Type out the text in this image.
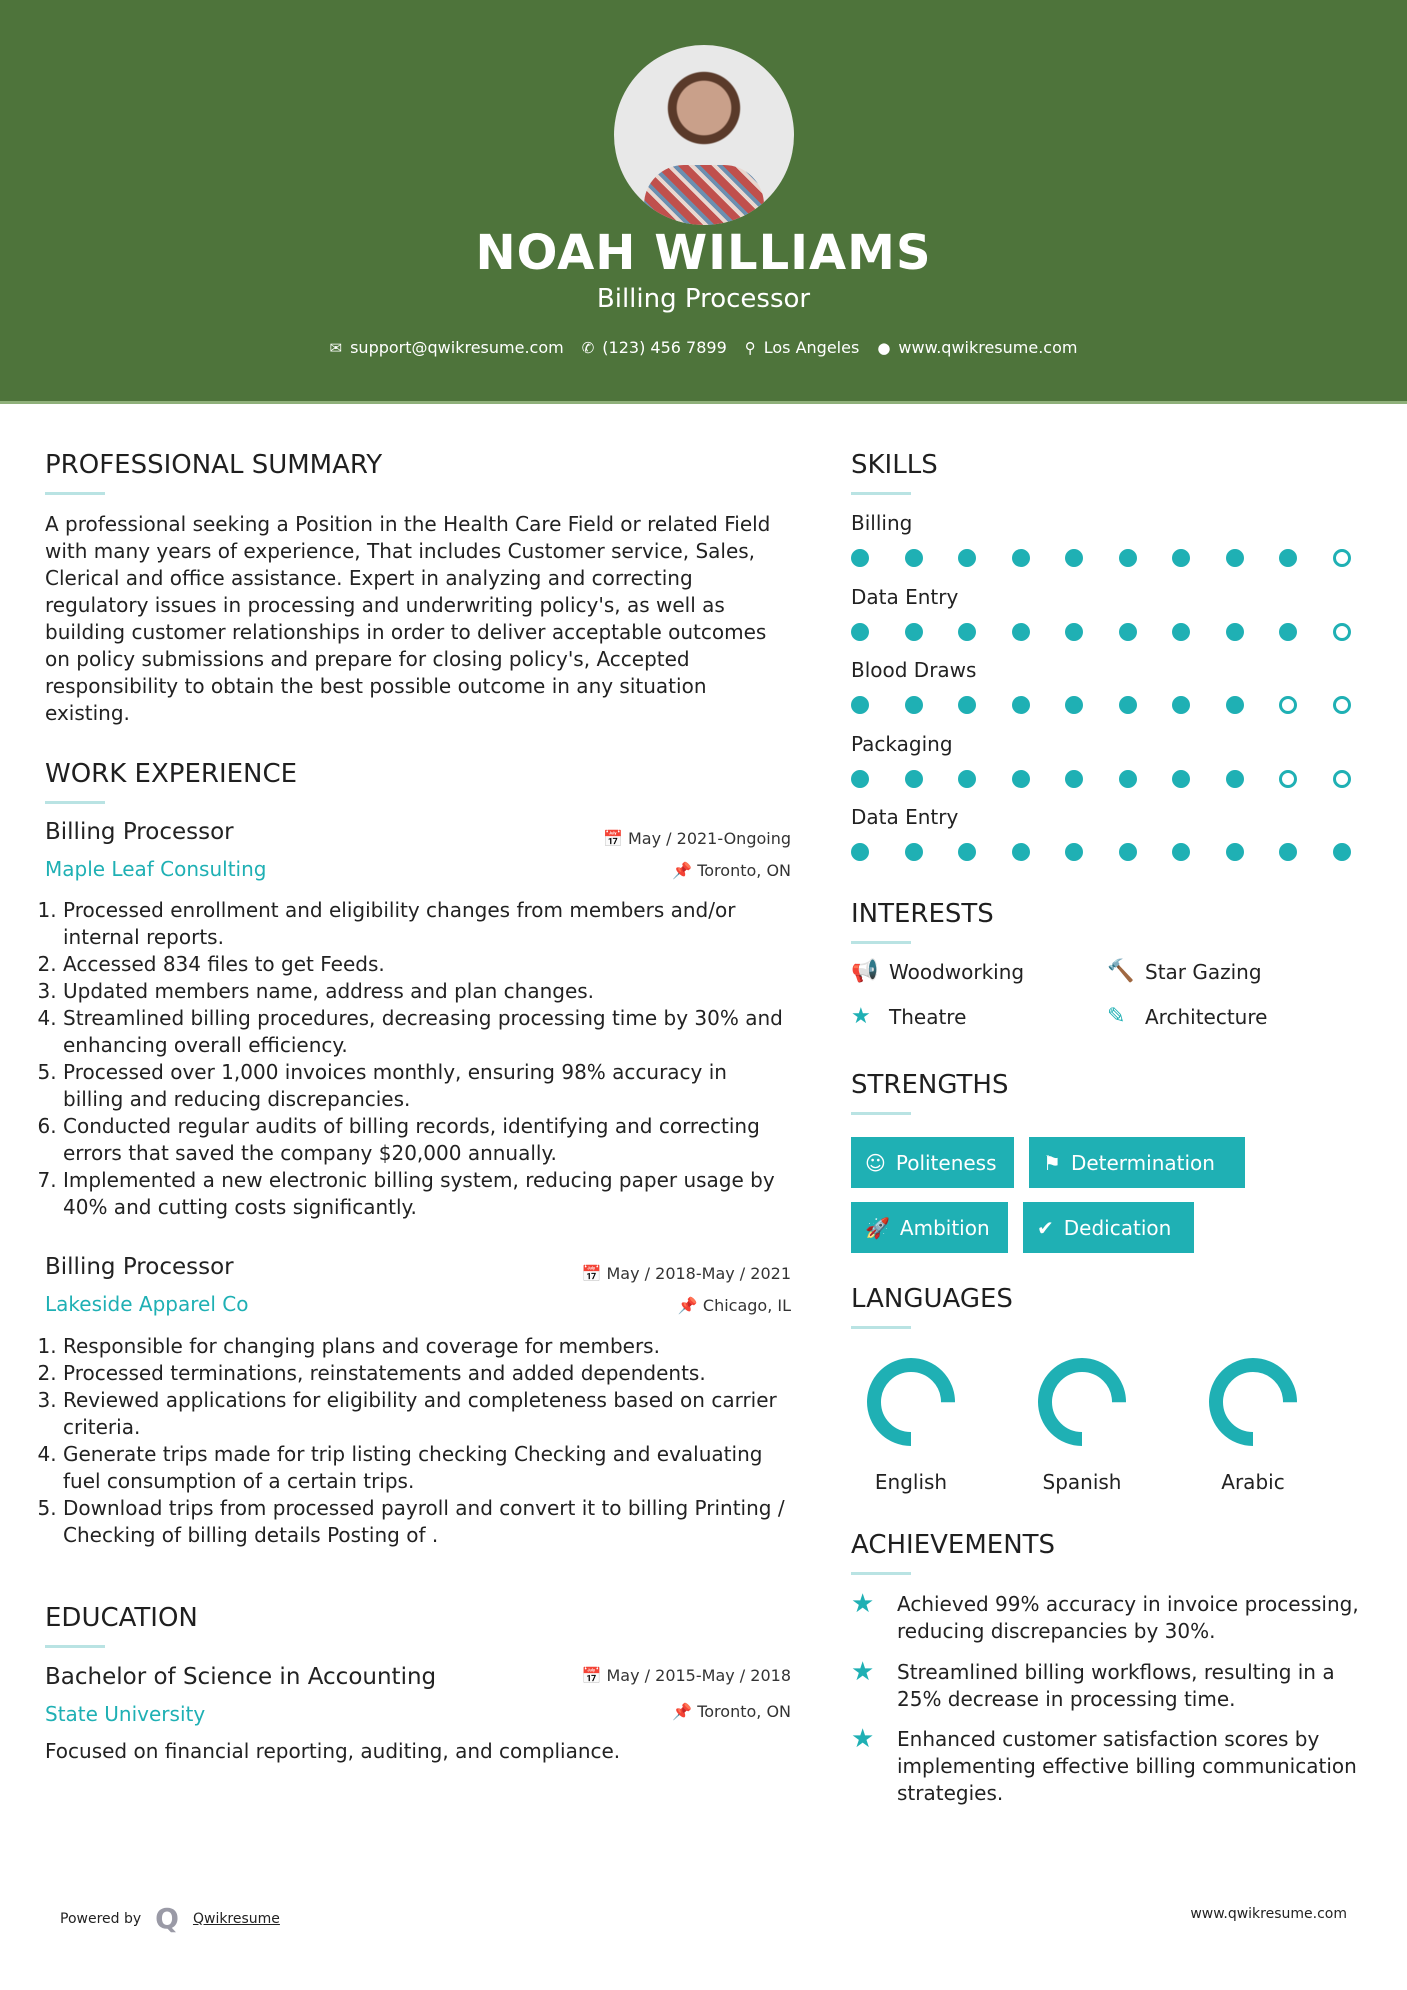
NOAH WILLIAMS
Billing Processor
✉ support@qwikresume.com ✆ (123) 456 7899 ⚲ Los Angeles ● www.qwikresume.com
PROFESSIONAL SUMMARY
A professional seeking a Position in the Health Care Field or related Field with many years of experience, That includes Customer service, Sales, Clerical and office assistance. Expert in analyzing and correcting regulatory issues in processing and underwriting policy's, as well as building customer relationships in order to deliver acceptable outcomes on policy submissions and prepare for closing policy's, Accepted responsibility to obtain the best possible outcome in any situation existing.
WORK EXPERIENCE
Billing Processor	📅 May / 2021-Ongoing
Maple Leaf Consulting	📌 Toronto, ON
1. Processed enrollment and eligibility changes from members and/or internal reports.
2. Accessed 834 files to get Feeds.
3. Updated members name, address and plan changes.
4. Streamlined billing procedures, decreasing processing time by 30% and enhancing overall efficiency.
5. Processed over 1,000 invoices monthly, ensuring 98% accuracy in billing and reducing discrepancies.
6. Conducted regular audits of billing records, identifying and correcting errors that saved the company $20,000 annually.
7. Implemented a new electronic billing system, reducing paper usage by 40% and cutting costs significantly.
Billing Processor	📅 May / 2018-May / 2021
Lakeside Apparel Co	📌 Chicago, IL
1. Responsible for changing plans and coverage for members.
2. Processed terminations, reinstatements and added dependents.
3. Reviewed applications for eligibility and completeness based on carrier criteria.
4. Generate trips made for trip listing checking Checking and evaluating fuel consumption of a certain trips.
5. Download trips from processed payroll and convert it to billing Printing / Checking of billing details Posting of .
EDUCATION
Bachelor of Science in Accounting	📅 May / 2015-May / 2018
State University	📌 Toronto, ON
Focused on financial reporting, auditing, and compliance.
SKILLS
Billing
Data Entry
Blood Draws
Packaging
Data Entry
INTERESTS
📢 Woodworking	🔨 Star Gazing
★ Theatre	✎ Architecture
STRENGTHS
☺ Politeness ⚑ Determination
🚀 Ambition ✔ Dedication
LANGUAGES
English	Spanish	Arabic
ACHIEVEMENTS
★	Achieved 99% accuracy in invoice processing, reducing discrepancies by 30%.
★	Streamlined billing workflows, resulting in a 25% decrease in processing time.
★	Enhanced customer satisfaction scores by implementing effective billing communication strategies.
Powered by Q Qwikresume	www.qwikresume.com
